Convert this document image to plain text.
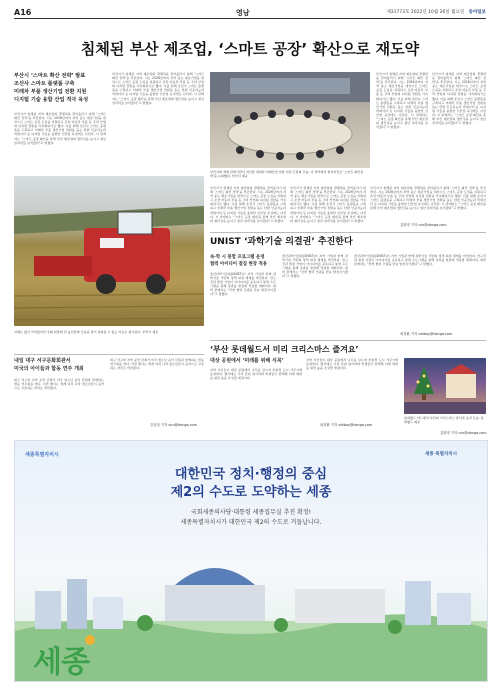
A16	영남	제31773호 2022년 10월 26일 월요일 동아일보
침체된 부산 제조업, ‘스마트 공장’ 확산으로 재도약
부산시 ‘스마트 확산 전략’ 발표
조선사 스마트 플랫폼 구축
미래차 부품 생산기업 전환 지원
디지털 기술 융합 산업 적극 육성
부산시가 침체된 지역 제조업의 경쟁력을 끌어올리기 위해 ‘스마트 확산 전략’을 추진한다. 시는 2026년까지 지역 중소 제조기업을 대상으로 스마트 공장 도입을 지원하고 조선·자동차 부품 등 주력 산업의 디지털 전환을 가속화하기로 했다. 이를 위해 조선사 스마트 플랫폼을 구축하고 미래차 부품 생산기업 전환을 돕는 한편 인공지능과 빅데이터 등 디지털 기술을 융합한 신산업 육성에도 나선다. 시 관계자는 “스마트 공장 확산을 통해 부산 제조업의 생산성을 높이고 청년 일자리를 늘리겠다”고 밝혔다.
부산시가 침체된 지역 제조업의 경쟁력을 끌어올리기 위해 ‘스마트 확산 전략’을 추진한다. 시는 2026년까지 지역 중소 제조기업을 대상으로 스마트 공장 도입을 지원하고 조선·자동차 부품 등 주력 산업의 디지털 전환을 가속화하기로 했다. 이를 위해 조선사 스마트 플랫폼을 구축하고 미래차 부품 생산기업 전환을 돕는 한편 인공지능과 빅데이터 등 디지털 기술을 융합한 신산업 육성에도 나선다. 시 관계자는 “스마트 공장 확산을 통해 부산 제조업의 생산성을 높이고 청년 일자리를 늘리겠다”고 밝혔다.
부산시와 경제 관계기관이 지난달 개최한 미래산업 전환 지원 간담회 모습. 이 자리에서 참석자들은 ‘스마트 확산전략’을 논의했다. 부산시 제공
부산시가 침체된 지역 제조업의 경쟁력을 끌어올리기 위해 ‘스마트 확산 전략’을 추진한다. 시는 2026년까지 지역 중소 제조기업을 대상으로 스마트 공장 도입을 지원하고 조선·자동차 부품 등 주력 산업의 디지털 전환을 가속화하기로 했다. 이를 위해 조선사 스마트 플랫폼을 구축하고 미래차 부품 생산기업 전환을 돕는 한편 인공지능과 빅데이터 등 디지털 기술을 융합한 신산업 육성에도 나선다. 시 관계자는 “스마트 공장 확산을 통해 부산 제조업의 생산성을 높이고 청년 일자리를 늘리겠다”고 밝혔다.
부산시가 침체된 지역 제조업의 경쟁력을 끌어올리기 위해 ‘스마트 확산 전략’을 추진한다. 시는 2026년까지 지역 중소 제조기업을 대상으로 스마트 공장 도입을 지원하고 조선·자동차 부품 등 주력 산업의 디지털 전환을 가속화하기로 했다. 이를 위해 조선사 스마트 플랫폼을 구축하고 미래차 부품 생산기업 전환을 돕는 한편 인공지능과 빅데이터 등 디지털 기술을 융합한 신산업 육성에도 나선다. 시 관계자는 “스마트 공장 확산을 통해 부산 제조업의 생산성을 높이고 청년 일자리를 늘리겠다”고 밝혔다.
부산시가 침체된 지역 제조업의 경쟁력을 끌어올리기 위해 ‘스마트 확산 전략’을 추진한다. 시는 2026년까지 지역 중소 제조기업을 대상으로 스마트 공장 도입을 지원하고 조선·자동차 부품 등 주력 산업의 디지털 전환을 가속화하기로 했다. 이를 위해 조선사 스마트 플랫폼을 구축하고 미래차 부품 생산기업 전환을 돕는 한편 인공지능과 빅데이터 등 디지털 기술을 융합한 신산업 육성에도 나선다. 시 관계자는 “스마트 공장 확산을 통해 부산 제조업의 생산성을 높이고 청년 일자리를 늘리겠다”고 밝혔다.
부산시가 침체된 지역 제조업의 경쟁력을 끌어올리기 위해 ‘스마트 확산 전략’을 추진한다. 시는 2026년까지 지역 중소 제조기업을 대상으로 스마트 공장 도입을 지원하고 조선·자동차 부품 등 주력 산업의 디지털 전환을 가속화하기로 했다. 이를 위해 조선사 스마트 플랫폼을 구축하고 미래차 부품 생산기업 전환을 돕는 한편 인공지능과 빅데이터 등 디지털 기술을 융합한 신산업 육성에도 나선다. 시 관계자는 “스마트 공장 확산을 통해 부산 제조업의 생산성을 높이고 청년 일자리를 늘리겠다”고 밝혔다.
부산시가 침체된 지역 제조업의 경쟁력을 끌어올리기 위해 ‘스마트 확산 전략’을 추진한다. 시는 2026년까지 지역 중소 제조기업을 대상으로 스마트 공장 도입을 지원하고 조선·자동차 부품 등 주력 산업의 디지털 전환을 가속화하기로 했다. 이를 위해 조선사 스마트 플랫폼을 구축하고 미래차 부품 생산기업 전환을 돕는 한편 인공지능과 빅데이터 등 디지털 기술을 융합한 신산업 육성에도 나선다. 시 관계자는 “스마트 공장 확산을 통해 부산 제조업의 생산성을 높이고 청년 일자리를 늘리겠다”고 밝혔다.
김화영 기자 run@donga.com
이제는 많이 크지않지만 수확 현장에 선 농민들의 모습을 당시 살펴볼 수 있는 자료로 평가된다. 부산시 제공
UNIST ‘과학기술 의결권’ 추진한다
속·학 시 통합 프로그램 운영
협력 아이디어 결집 현장 적용
울산과학기술원(UNIST)이 지역 기업과 함께 과학기술 기반의 정책 의결 체계를 마련한다. 연구진과 현장 기업이 아이디어를 공유하고 통합 프로그램을 통해 성과를 현장에 적용할 계획이다. 대학 관계자는 “산학 협력 모델을 한층 발전시키겠다”고 말했다.
울산과학기술원(UNIST)이 지역 기업과 함께 과학기술 기반의 정책 의결 체계를 마련한다. 연구진과 현장 기업이 아이디어를 공유하고 통합 프로그램을 통해 성과를 현장에 적용할 계획이다. 대학 관계자는 “산학 협력 모델을 한층 발전시키겠다”고 말했다.
울산과학기술원(UNIST)이 지역 기업과 함께 과학기술 기반의 정책 의결 체계를 마련한다. 연구진과 현장 기업이 아이디어를 공유하고 통합 프로그램을 통해 성과를 현장에 적용할 계획이다. 대학 관계자는 “산학 협력 모델을 한층 발전시키겠다”고 말했다.
최창환 기자 oldboy@donga.com
‘부산 롯데월드서 미리 크리스마스 즐겨요’
내일 대구 서구문화회관서
미국의 아이들과 합동 연주 개최
대구 서구와 지역 공연 단체가 미국 청소년 음악 단원과 함께하는 합동 연주회를 연다. 이번 행사는 세계 여러 나라 청소년들이 음악으로 교류하는 자리로 마련됐다.
대구 서구와 지역 공연 단체가 미국 청소년 음악 단원과 함께하는 합동 연주회를 연다. 이번 행사는 세계 여러 나라 청소년들이 음악으로 교류하는 자리로 마련됐다.
김상철 기자 sun@donga.com
대상 공원에서 ‘미래를 위해 식목’
지역 시민들이 대상 공원에서 나무를 심으며 친환경 도시 가꾸기에 동참한다. 행사에는 가족 단위 참가자와 학생들이 함께해 미래 세대를 위한 숲을 조성할 예정이다.
지역 시민들이 대상 공원에서 나무를 심으며 친환경 도시 가꾸기에 동참한다. 행사에는 가족 단위 참가자와 학생들이 함께해 미래 세대를 위한 숲을 조성할 예정이다.
최창환 기자 oldboy@donga.com
롯데월드 어드벤처 부산의 크리스마스 장식과 공연 모습. 롯데월드 제공
김화영 기자 run@donga.com
세종특별자치시	세종 특별자치시
대한민국 정치·행정의 중심
제2의 수도로 도약하는 세종
국회세종의사당·대통령 세종집무실 추진 확정!
세종특별자치시가 대한민국 제2의 수도로 거듭납니다.
세종
